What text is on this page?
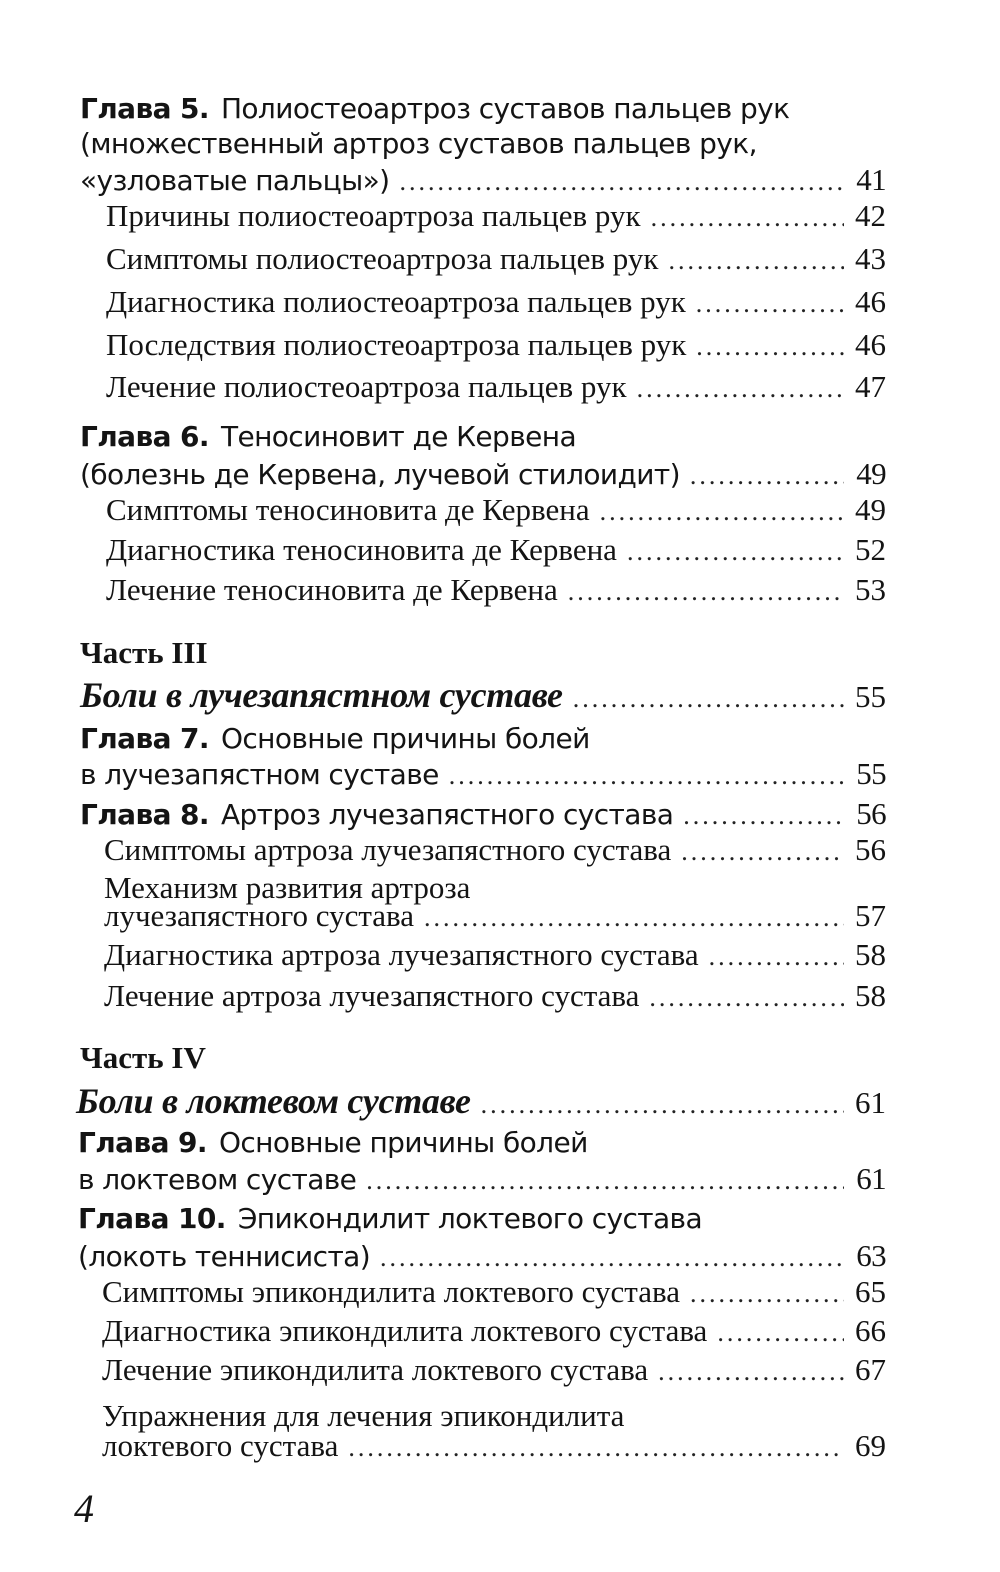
Глава 5. Полиостеоартроз суставов пальцев рук
(множественный артроз суставов пальцев рук,
«узловатые пальцы») .....	41
Причины полиостеоартроза пальцев рук .....	42
Симптомы полиостеоартроза пальцев рук .....	43
Диагностика полиостеоартроза пальцев рук .....	46
Последствия полиостеоартроза пальцев рук .....	46
Лечение полиостеоартроза пальцев рук .....	47
Глава 6. Теносиновит де Кервена
(болезнь де Кервена, лучевой стилоидит) .....	49
Симптомы теносиновита де Кервена .....	49
Диагностика теносиновита де Кервена .....	52
Лечение теносиновита де Кервена .....	53
Часть III
Боли в лучезапястном суставе .....	55
Глава 7. Основные причины болей
в лучезапястном суставе .....	55
Глава 8. Артроз лучезапястного сустава .....	56
Симптомы артроза лучезапястного сустава .....	56
Механизм развития артроза
лучезапястного сустава .....	57
Диагностика артроза лучезапястного сустава .....	58
Лечение артроза лучезапястного сустава .....	58
Часть IV
Боли в локтевом суставе .....	61
Глава 9. Основные причины болей
в локтевом суставе .....	61
Глава 10. Эпикондилит локтевого сустава
(локоть теннисиста) .....	63
Симптомы эпикондилита локтевого сустава .....	65
Диагностика эпикондилита локтевого сустава .....	66
Лечение эпикондилита локтевого сустава .....	67
Упражнения для лечения эпикондилита
локтевого сустава .....	69
4
